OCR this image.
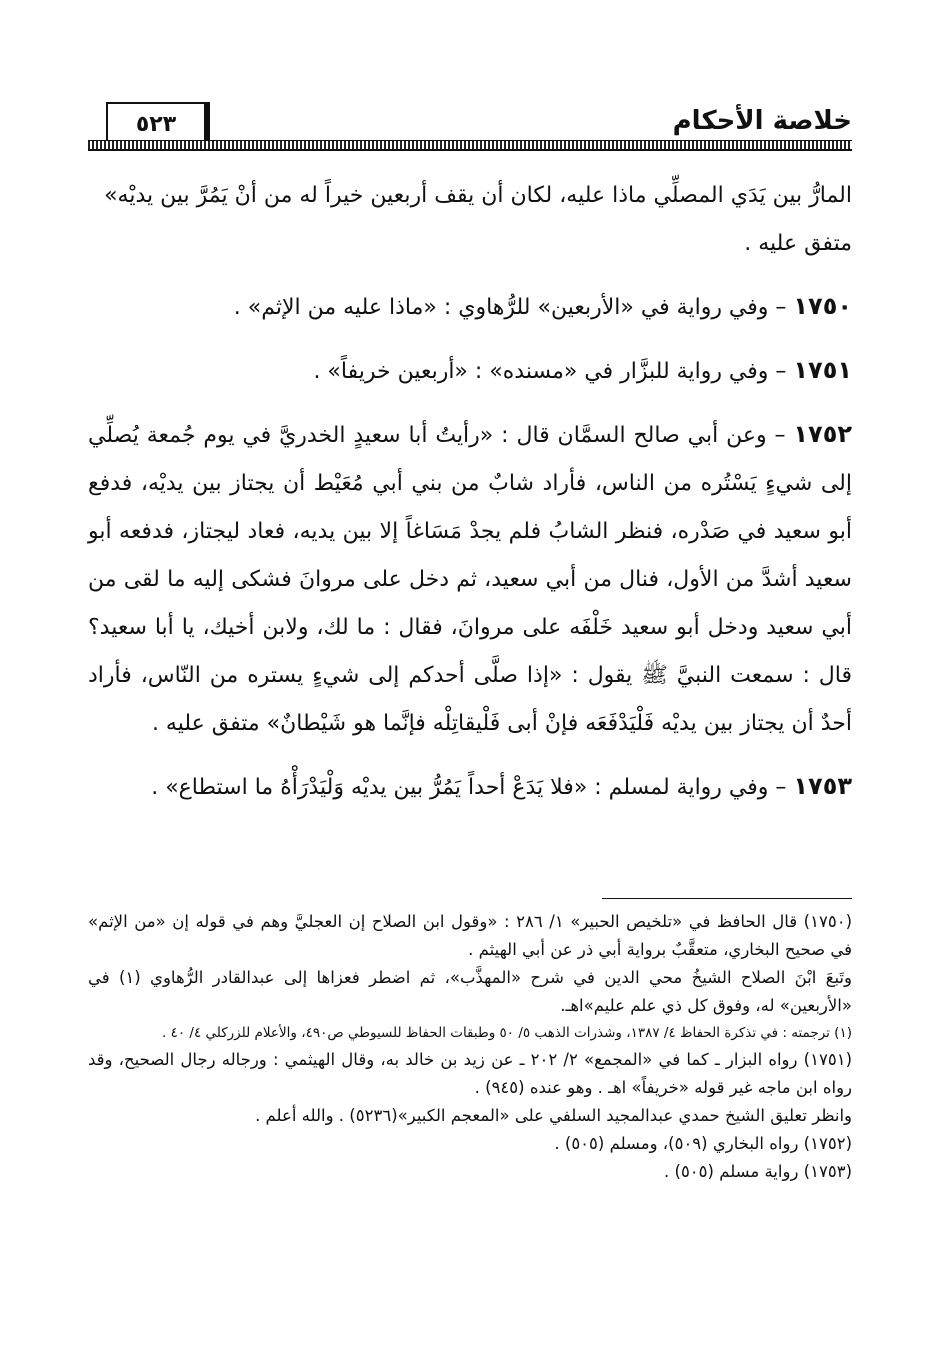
خلاصة الأحكام
٥٢٣

المارُّ بين يَدَي المصلِّي ماذا عليه، لكان أن يقف أربعين خيراً له من أنْ يَمُرَّ بين يديْه»
متفق عليه .

١٧٥٠ – وفي رواية في «الأربعين» للرُّهاوي : «ماذا عليه من الإثم» .

١٧٥١ – وفي رواية للبزَّار في «مسنده» : «أربعين خريفاً» .

١٧٥٢ – وعن أبي صالح السمَّان قال : «رأيتُ أبا سعيدٍ الخدريَّ في يوم جُمعة يُصلِّي إلى شيءٍ يَسْتُره من الناس، فأراد شابٌ من بني أبي مُعَيْط أن يجتاز بين يديْه، فدفع أبو سعيد في صَدْره، فنظر الشابُ فلم يجدْ مَسَاغاً إلا بين يديه، فعاد ليجتاز، فدفعه أبو سعيد أشدَّ من الأول، فنال من أبي سعيد، ثم دخل على مروانَ فشكى إليه ما لقى من أبي سعيد ودخل أبو سعيد خَلْفَه على مروانَ، فقال : ما لك، ولابن أخيك، يا أبا سعيد؟ قال : سمعت النبيَّ ﷺ يقول : «إذا صلَّى أحدكم إلى شيءٍ يستره من النّاس، فأراد أحدٌ أن يجتاز بين يديْه فَلْيَدْفَعَه فإنْ أبى فَلْيقاتِلْه فإنَّما هو شَيْطانٌ» متفق عليه .

١٧٥٣ – وفي رواية لمسلم : «فلا يَدَعْ أحداً يَمُرُّ بين يديْه وَلْيَدْرَأْهُ ما استطاع» .

(١٧٥٠) قال الحافظ في «تلخيص الحبير» ١/ ٢٨٦ : «وقول ابن الصلاح إن العجليَّ وهم في قوله إن «من الإثم» في صحيح البخاري، متعقَّبٌ برواية أبي ذر عن أبي الهيثم .

وتَبعَ ابْنَ الصلاح الشيخُ محي الدين في شرح «المهذَّب»، ثم اضطر فعزاها إلى عبدالقادر الرُّهاوي (١) في «الأربعين» له، وفوق كل ذي علم عليم»اهـ.

(١) ترجمته : في تذكرة الحفاظ ٤/ ١٣٨٧، وشذرات الذهب ٥/ ٥٠ وطبقات الحفاظ للسيوطي ص٤٩٠، والأعلام للزركلي ٤/ ٤٠ .

(١٧٥١) رواه البزار ـ كما في «المجمع» ٢/ ٢٠٢ ـ عن زيد بن خالد به، وقال الهيثمي : ورجاله رجال الصحيح، وقد رواه ابن ماجه غير قوله «خريفاً» اهـ . وهو عنده (٩٤٥) .

وانظر تعليق الشيخ حمدي عبدالمجيد السلفي على «المعجم الكبير»(٥٢٣٦) . والله أعلم .

(١٧٥٢) رواه البخاري (٥٠٩)، ومسلم (٥٠٥) .

(١٧٥٣) رواية مسلم (٥٠٥) .
